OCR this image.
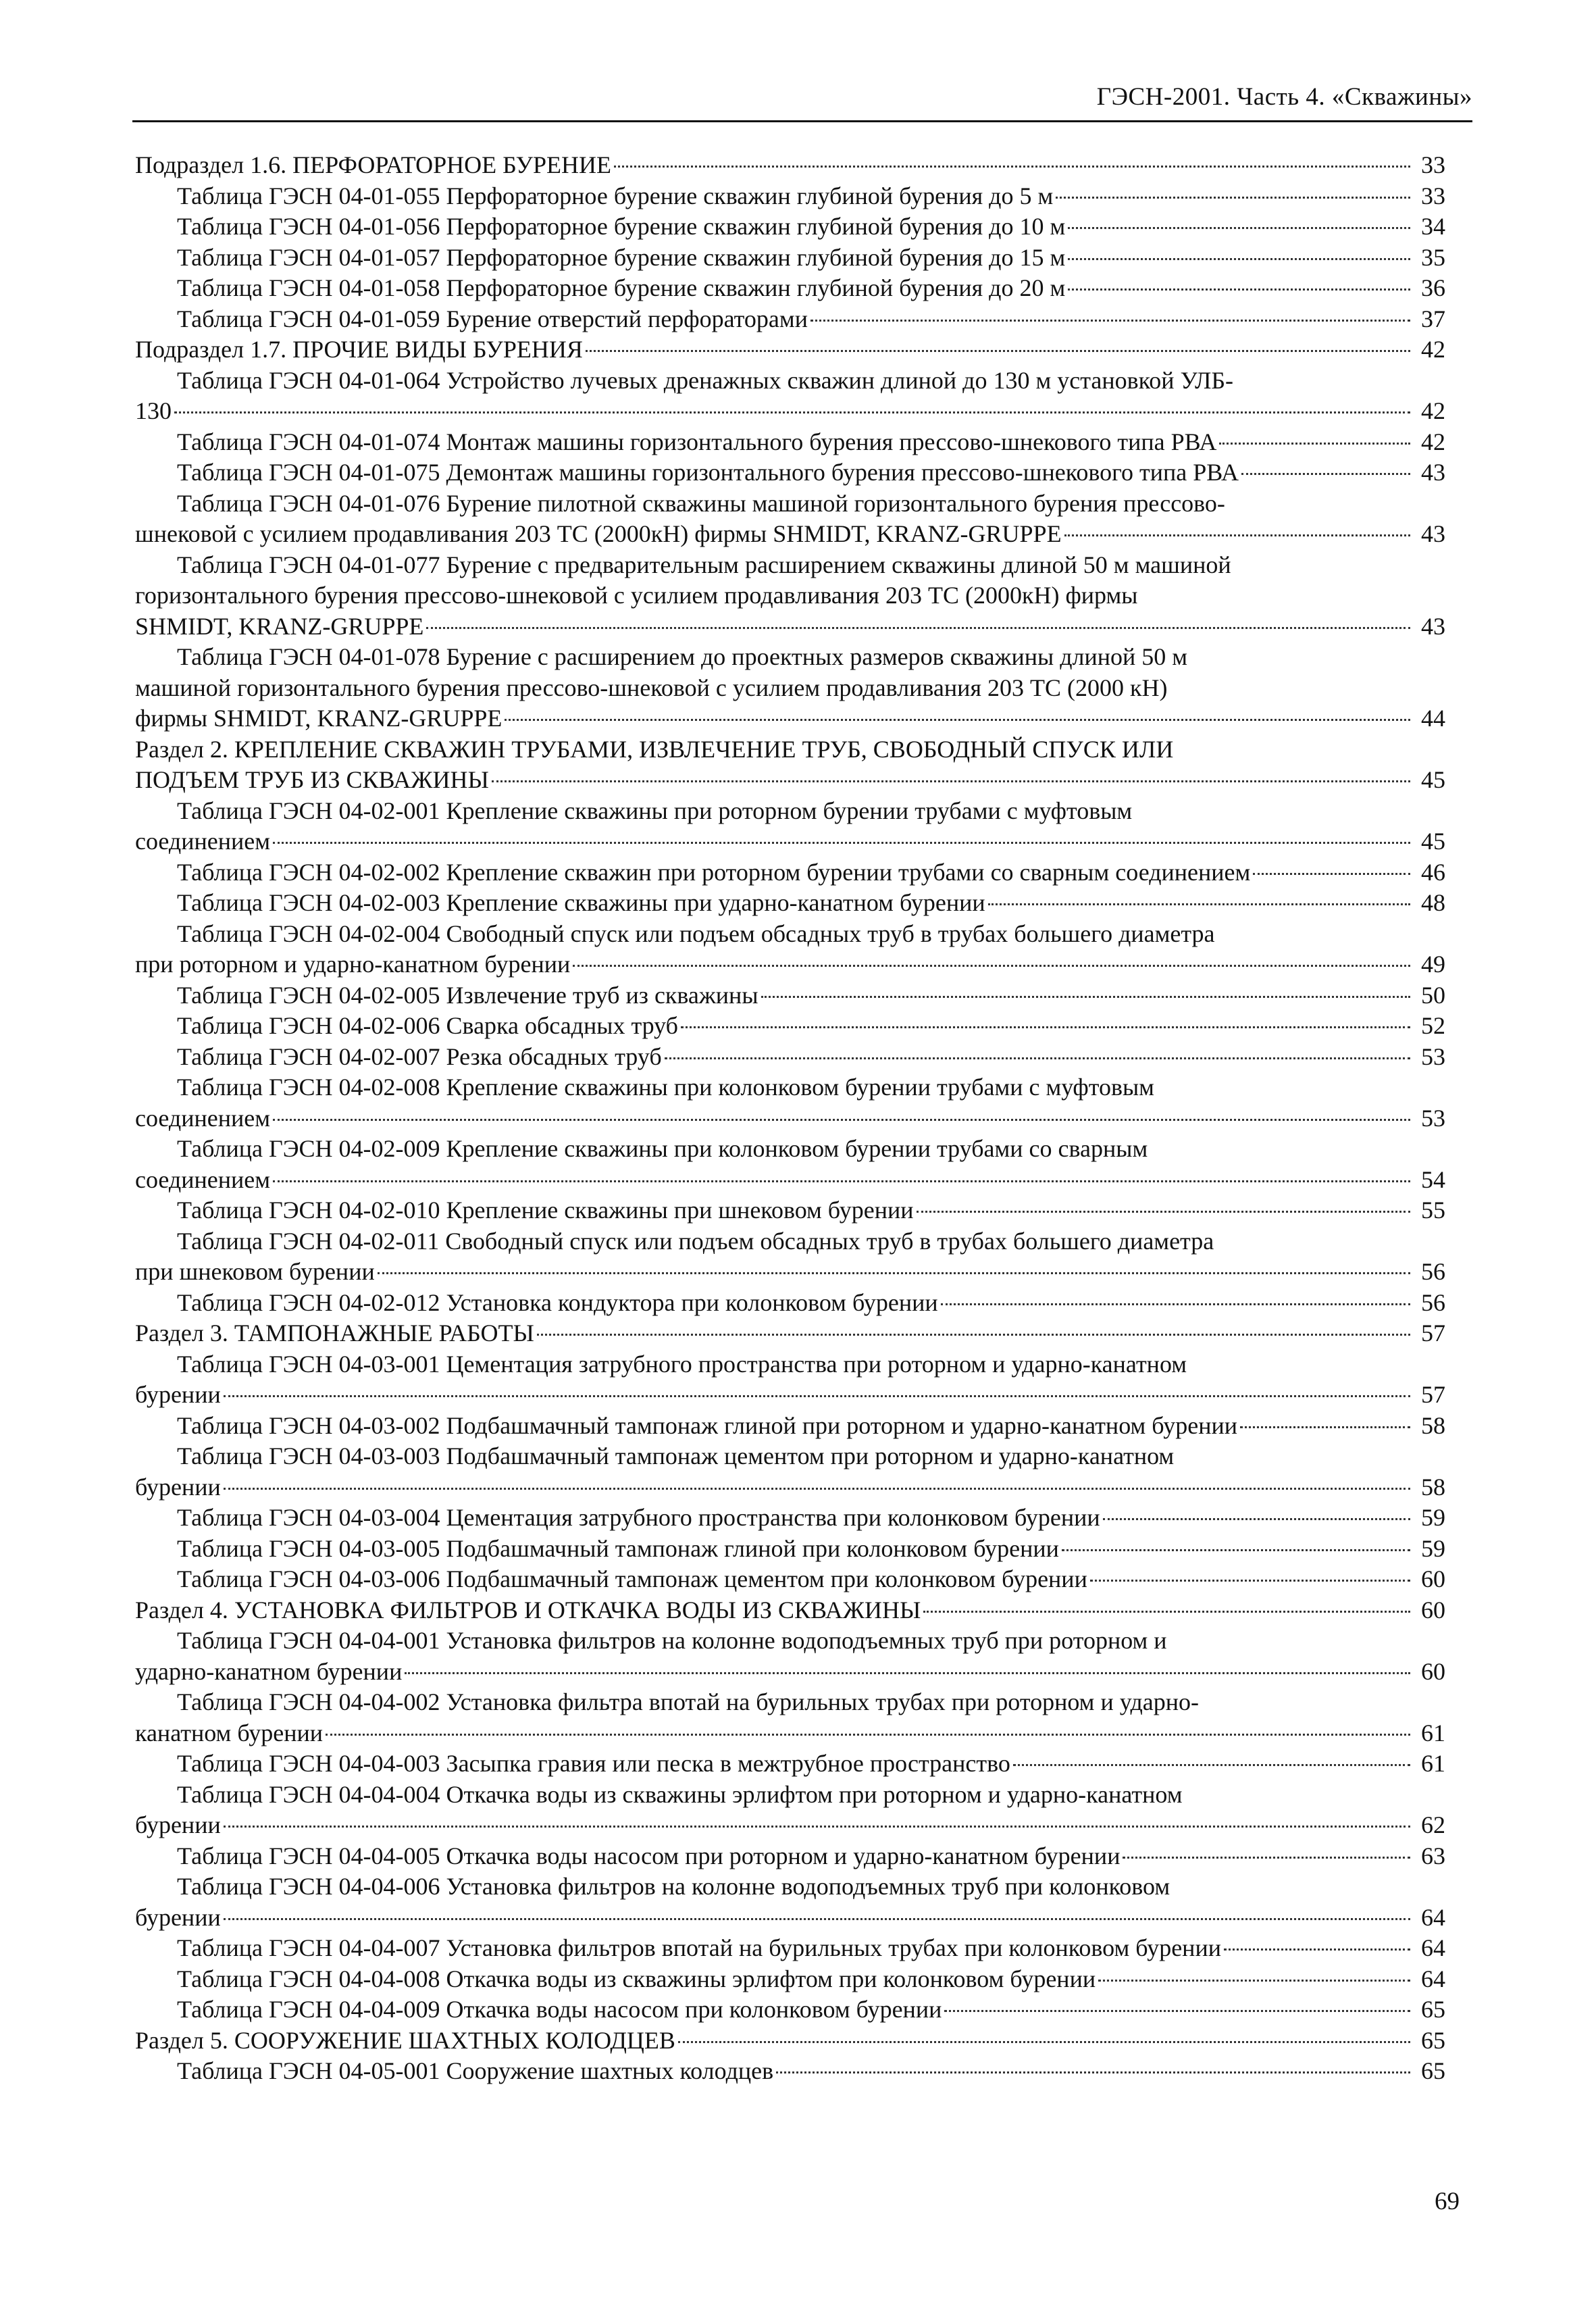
ГЭСН-2001. Часть 4. «Скважины»
Подраздел 1.6. ПЕРФОРАТОРНОЕ БУРЕНИЕ	33
Таблица ГЭСН 04-01-055 Перфораторное бурение скважин глубиной бурения до 5 м	33
Таблица ГЭСН 04-01-056 Перфораторное бурение скважин глубиной бурения до 10 м	34
Таблица ГЭСН 04-01-057 Перфораторное бурение скважин глубиной бурения до 15 м	35
Таблица ГЭСН 04-01-058 Перфораторное бурение скважин глубиной бурения до 20 м	36
Таблица ГЭСН 04-01-059 Бурение отверстий перфораторами	37
Подраздел 1.7. ПРОЧИЕ ВИДЫ БУРЕНИЯ	42
Таблица ГЭСН 04-01-064 Устройство лучевых дренажных скважин длиной до 130 м установкой УЛБ-
130	42
Таблица ГЭСН 04-01-074 Монтаж машины горизонтального бурения прессово-шнекового типа РВА	42
Таблица ГЭСН 04-01-075 Демонтаж машины горизонтального бурения прессово-шнекового типа РВА	43
Таблица ГЭСН 04-01-076 Бурение пилотной скважины машиной горизонтального бурения прессово-
шнековой с усилием продавливания 203 ТС (2000кН) фирмы SHMIDT, KRANZ-GRUPPE	43
Таблица ГЭСН 04-01-077 Бурение с предварительным расширением скважины длиной 50 м машиной
горизонтального бурения прессово-шнековой с усилием продавливания 203 ТС (2000кН) фирмы
SHMIDT, KRANZ-GRUPPE	43
Таблица ГЭСН 04-01-078 Бурение с расширением до проектных размеров скважины длиной 50 м
машиной горизонтального бурения прессово-шнековой с усилием продавливания 203 ТС (2000 кН)
фирмы SHMIDT, KRANZ-GRUPPE	44
Раздел 2. КРЕПЛЕНИЕ СКВАЖИН ТРУБАМИ, ИЗВЛЕЧЕНИЕ ТРУБ, СВОБОДНЫЙ СПУСК ИЛИ
ПОДЪЕМ ТРУБ ИЗ СКВАЖИНЫ	45
Таблица ГЭСН 04-02-001 Крепление скважины при роторном бурении трубами с муфтовым
соединением	45
Таблица ГЭСН 04-02-002 Крепление скважин при роторном бурении трубами со сварным соединением	46
Таблица ГЭСН 04-02-003 Крепление скважины при ударно-канатном бурении	48
Таблица ГЭСН 04-02-004 Свободный спуск или подъем обсадных труб в трубах большего диаметра
при роторном и ударно-канатном бурении	49
Таблица ГЭСН 04-02-005 Извлечение труб из скважины	50
Таблица ГЭСН 04-02-006 Сварка обсадных труб	52
Таблица ГЭСН 04-02-007 Резка обсадных труб	53
Таблица ГЭСН 04-02-008 Крепление скважины при колонковом бурении трубами с муфтовым
соединением	53
Таблица ГЭСН 04-02-009 Крепление скважины при колонковом бурении трубами со сварным
соединением	54
Таблица ГЭСН 04-02-010 Крепление скважины при шнековом бурении	55
Таблица ГЭСН 04-02-011 Свободный спуск или подъем обсадных труб в трубах большего диаметра
при шнековом бурении	56
Таблица ГЭСН 04-02-012 Установка кондуктора при колонковом бурении	56
Раздел 3. ТАМПОНАЖНЫЕ РАБОТЫ	57
Таблица ГЭСН 04-03-001 Цементация затрубного пространства при роторном и ударно-канатном
бурении	57
Таблица ГЭСН 04-03-002 Подбашмачный тампонаж глиной при роторном и ударно-канатном бурении	58
Таблица ГЭСН 04-03-003 Подбашмачный тампонаж цементом при роторном и ударно-канатном
бурении	58
Таблица ГЭСН 04-03-004 Цементация затрубного пространства при колонковом бурении	59
Таблица ГЭСН 04-03-005 Подбашмачный тампонаж глиной при колонковом бурении	59
Таблица ГЭСН 04-03-006 Подбашмачный тампонаж цементом при колонковом бурении	60
Раздел 4. УСТАНОВКА ФИЛЬТРОВ И ОТКАЧКА ВОДЫ ИЗ СКВАЖИНЫ	60
Таблица ГЭСН 04-04-001 Установка фильтров на колонне водоподъемных труб при роторном и
ударно-канатном бурении	60
Таблица ГЭСН 04-04-002 Установка фильтра впотай на бурильных трубах при роторном и ударно-
канатном бурении	61
Таблица ГЭСН 04-04-003 Засыпка гравия или песка в межтрубное пространство	61
Таблица ГЭСН 04-04-004 Откачка воды из скважины эрлифтом при роторном и ударно-канатном
бурении	62
Таблица ГЭСН 04-04-005 Откачка воды насосом при роторном и ударно-канатном бурении	63
Таблица ГЭСН 04-04-006 Установка фильтров на колонне водоподъемных труб при колонковом
бурении	64
Таблица ГЭСН 04-04-007 Установка фильтров впотай на бурильных трубах при колонковом бурении	64
Таблица ГЭСН 04-04-008 Откачка воды из скважины эрлифтом при колонковом бурении	64
Таблица ГЭСН 04-04-009 Откачка воды насосом при колонковом бурении	65
Раздел 5. СООРУЖЕНИЕ ШАХТНЫХ КОЛОДЦЕВ	65
Таблица ГЭСН 04-05-001 Сооружение шахтных колодцев	65
69
